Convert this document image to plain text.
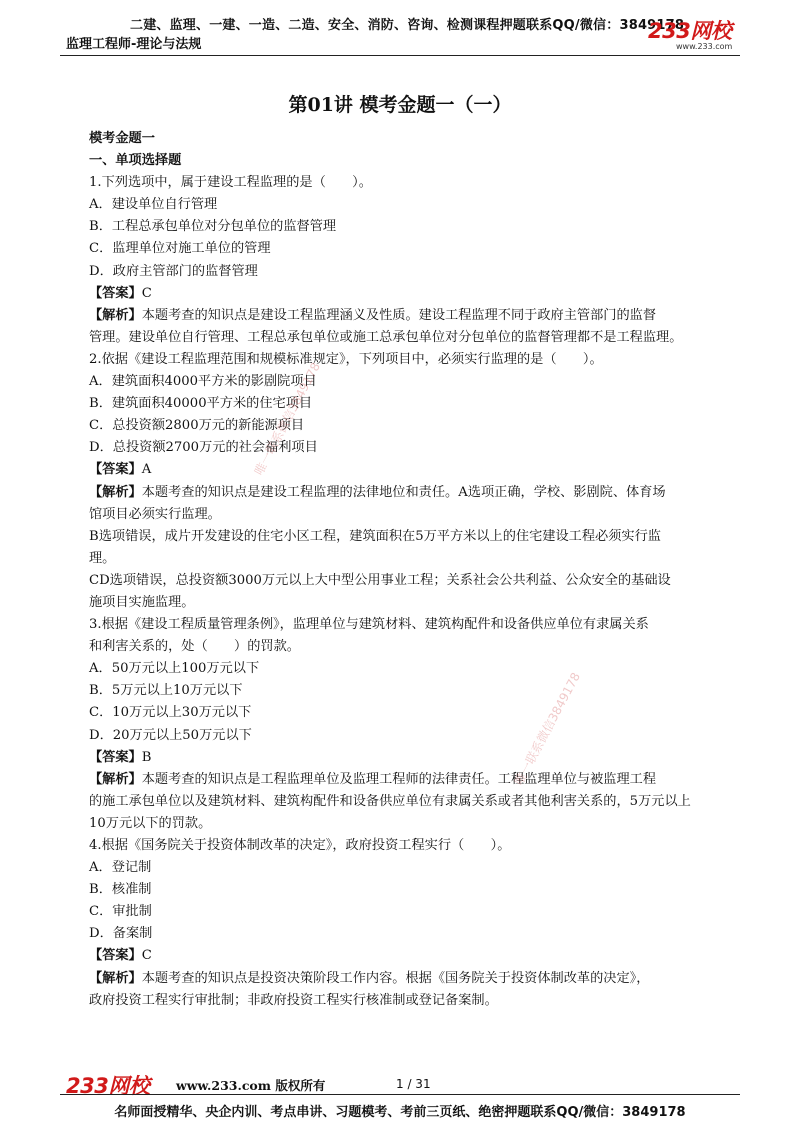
二建、监理、一建、一造、二造、安全、消防、咨询、检测课程押题联系QQ/微信：3849178
监理工程师-理论与法规
233网校
www.233.com
第01讲 模考金题一（一）
模考金题一
一、单项选择题
1.下列选项中，属于建设工程监理的是（　　）。
A．建设单位自行管理
B．工程总承包单位对分包单位的监督管理
C．监理单位对施工单位的管理
D．政府主管部门的监督管理
【答案】C
【解析】本题考查的知识点是建设工程监理涵义及性质。建设工程监理不同于政府主管部门的监督
管理。建设单位自行管理、工程总承包单位或施工总承包单位对分包单位的监督管理都不是工程监理。
2.依据《建设工程监理范围和规模标准规定》，下列项目中，必须实行监理的是（　　）。
A．建筑面积4000平方米的影剧院项目
B．建筑面积40000平方米的住宅项目
C．总投资额2800万元的新能源项目
D．总投资额2700万元的社会福利项目
【答案】A
【解析】本题考查的知识点是建设工程监理的法律地位和责任。A选项正确，学校、影剧院、体育场
馆项目必须实行监理。
B选项错误，成片开发建设的住宅小区工程，建筑面积在5万平方米以上的住宅建设工程必须实行监
理。
CD选项错误，总投资额3000万元以上大中型公用事业工程；关系社会公共利益、公众安全的基础设
施项目实施监理。
3.根据《建设工程质量管理条例》，监理单位与建筑材料、建筑构配件和设备供应单位有隶属关系
和利害关系的，处（　　）的罚款。
A．50万元以上100万元以下
B．5万元以上10万元以下
C．10万元以上30万元以下
D．20万元以上50万元以下
【答案】B
【解析】本题考查的知识点是工程监理单位及监理工程师的法律责任。工程监理单位与被监理工程
的施工承包单位以及建筑材料、建筑构配件和设备供应单位有隶属关系或者其他利害关系的，5万元以上
10万元以下的罚款。
4.根据《国务院关于投资体制改革的决定》，政府投资工程实行（　　）。
A．登记制
B．核准制
C．审批制
D．备案制
【答案】C
【解析】本题考查的知识点是投资决策阶段工作内容。根据《国务院关于投资体制改革的决定》，
政府投资工程实行审批制；非政府投资工程实行核准制或登记备案制。
唯一联系微信3849178
唯一联系微信3849178
233网校 www.233.com 版权所有	1 / 31
名师面授精华、央企内训、考点串讲、习题模考、考前三页纸、绝密押题联系QQ/微信：3849178
